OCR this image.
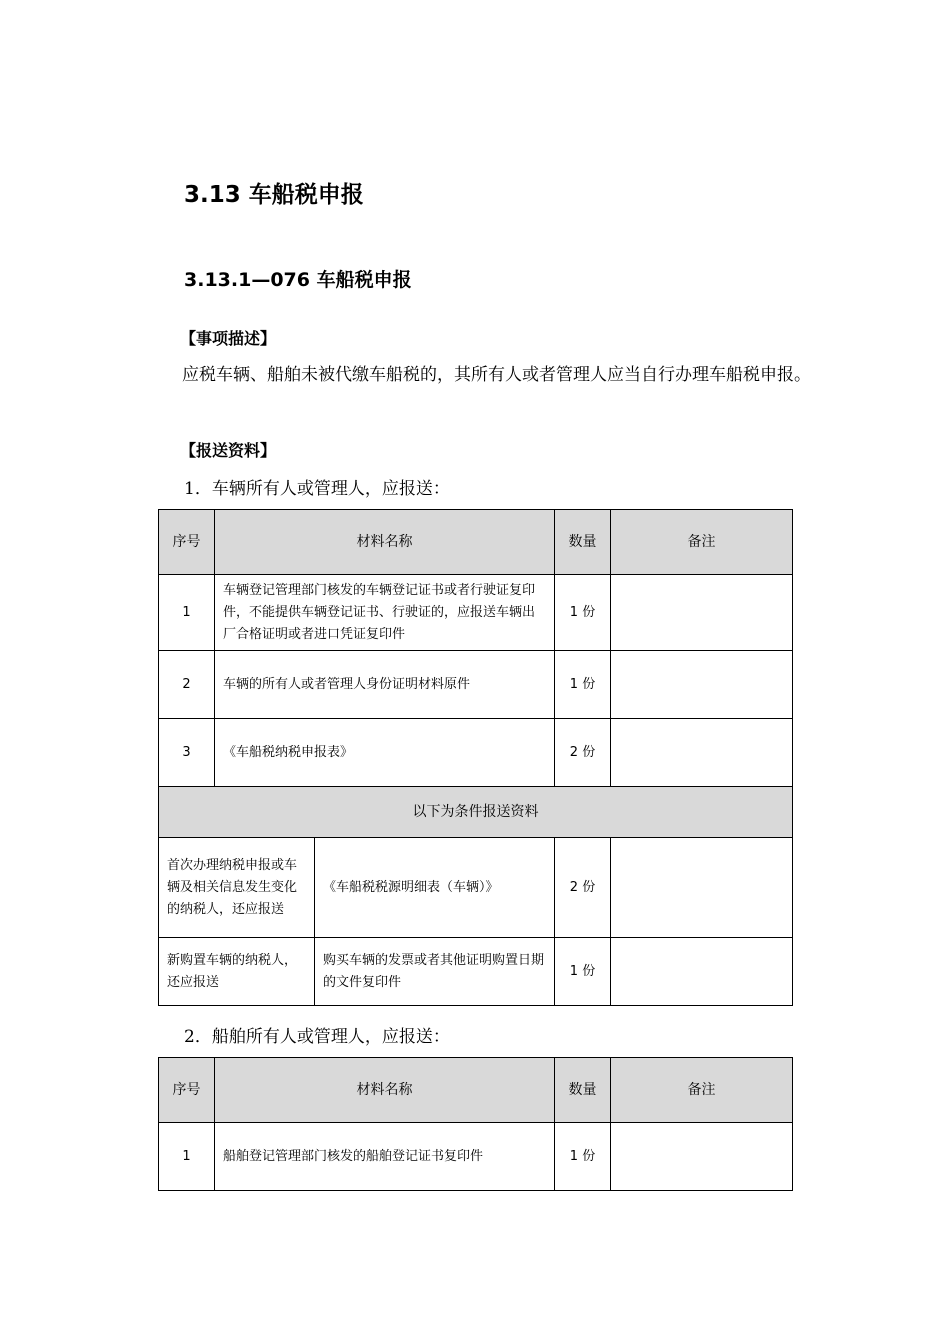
3.13 车船税申报
3.13.1—076 车船税申报
【事项描述】
应税车辆、船舶未被代缴车船税的，其所有人或者管理人应当自行办理车船税申报。
【报送资料】
1．车辆所有人或管理人，应报送：
序号	材料名称		数量	备注
1	车辆登记管理部门核发的车辆登记证书或者行驶证复印件，不能提供车辆登记证书、行驶证的，应报送车辆出厂合格证明或者进口凭证复印件		1 份	
2	车辆的所有人或者管理人身份证明材料原件		1 份	
3	《车船税纳税申报表》		2 份	
以下为条件报送资料				
首次办理纳税申报或车辆及相关信息发生变化的纳税人，还应报送		《车船税税源明细表（车辆）》	2 份	
新购置车辆的纳税人，还应报送		购买车辆的发票或者其他证明购置日期的文件复印件	1 份	
2．船舶所有人或管理人，应报送：
序号	材料名称	数量	备注
1	船舶登记管理部门核发的船舶登记证书复印件	1 份	
